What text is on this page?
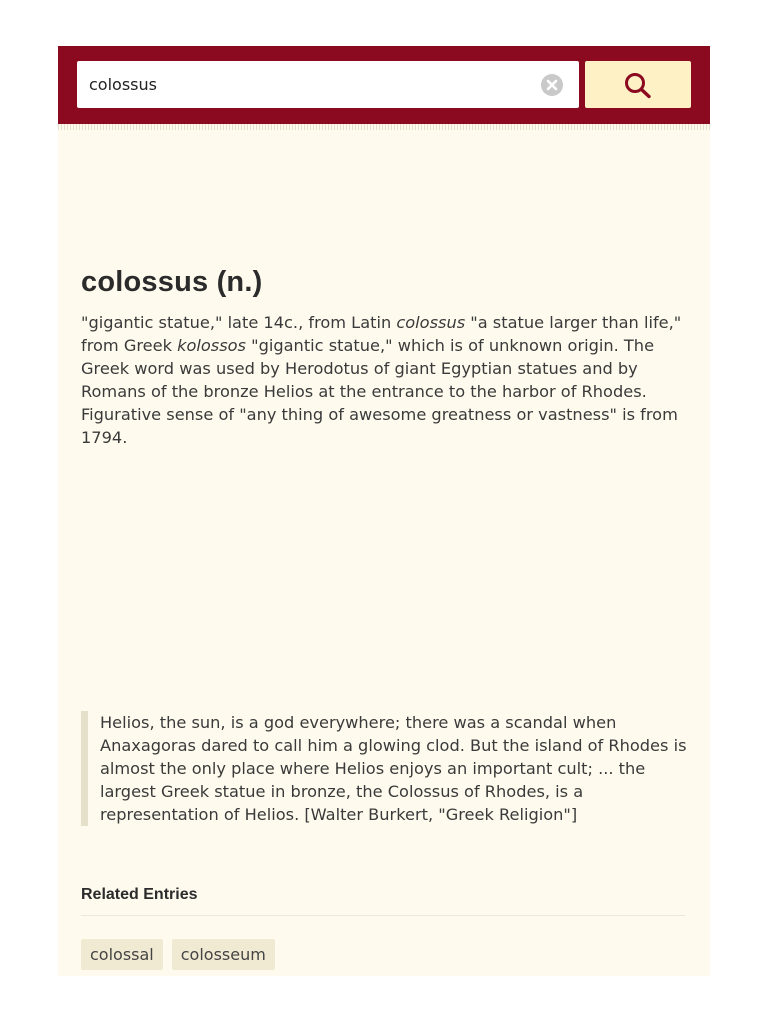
colossus
colossus (n.)

"gigantic statue," late 14c., from Latin colossus "a statue larger than life," from Greek kolossos "gigantic statue," which is of unknown origin. The Greek word was used by Herodotus of giant Egyptian statues and by Romans of the bronze Helios at the entrance to the harbor of Rhodes. Figurative sense of "any thing of awesome greatness or vastness" is from 1794.

Helios, the sun, is a god everywhere; there was a scandal when Anaxagoras dared to call him a glowing clod. But the island of Rhodes is almost the only place where Helios enjoys an important cult; ... the largest Greek statue in bronze, the Colossus of Rhodes, is a representation of Helios. [Walter Burkert, "Greek Religion"]
Related Entries
colossal colosseum
